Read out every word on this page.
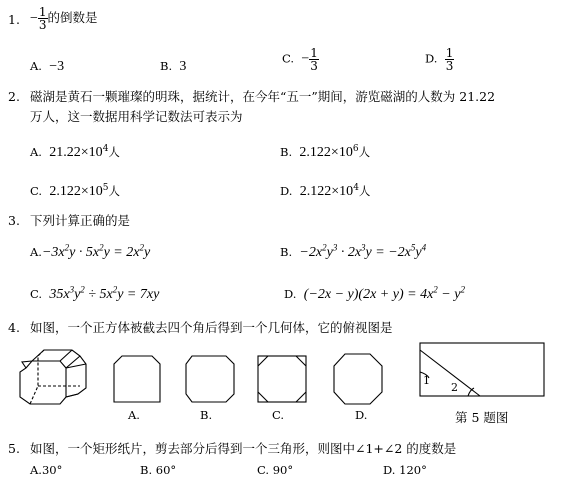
1. − $\frac{1}{3}$ 的倒数是
A. −3	B. 3
C. − $\frac{1}{3}$	D. $\frac{1}{3}$
2. 磁湖是黄石一颗璀璨的明珠，据统计，在今年“五一”期间，游览磁湖的人数为 21.22
万人，这一数据用科学记数法可表示为
A. $21.22\times 10^4$人	B. $2.122\times 10^6$人
C. $2.122\times 10^5$人	D. $2.122\times 10^4$人
3. 下列计算正确的是
$A.-3x^2y \cdot 5x^2y = 2x^2y$	B. $-2x^2y^3 \cdot 2x^3y = -2x^5y^4$
C. $35x^3y^2 \div 5x^2y = 7xy$	D. $(-2x - y)(2x + y) = 4x^2 - y^2$
4. 如图，一个正方体被截去四个角后得到一个几何体，它的俯视图是
A.	B.	C.	D.
1
2
第 5 题图
5. 如图，一个矩形纸片，剪去部分后得到一个三角形，则图中∠1+∠2 的度数是
A.30°	B. 60°	C. 90°	D. 120°
